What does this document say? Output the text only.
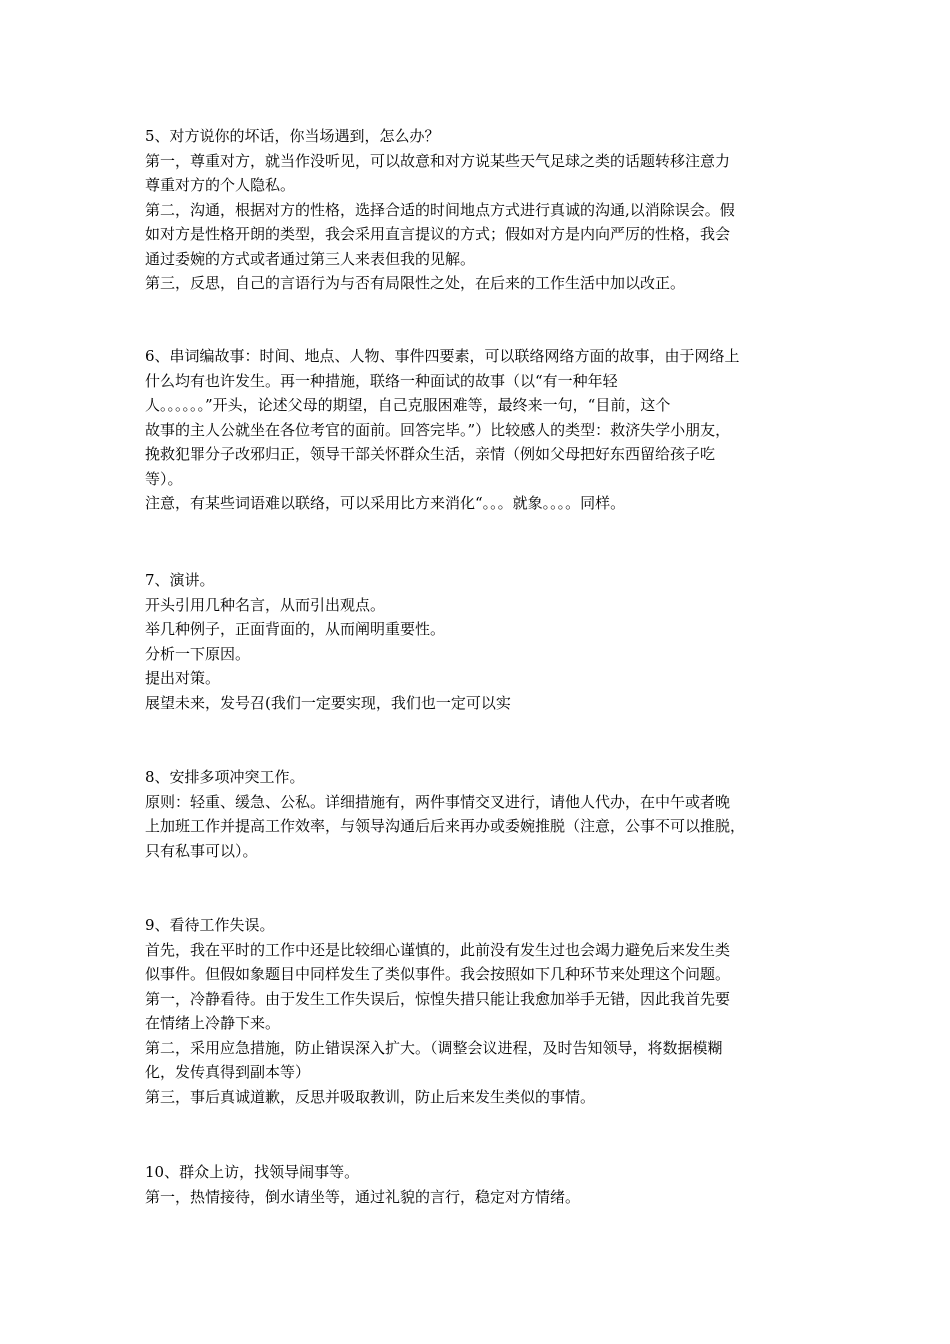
5、对方说你的坏话，你当场遇到，怎么办？
第一，尊重对方，就当作没听见，可以故意和对方说某些天气足球之类的话题转移注意力
尊重对方的个人隐私。
第二，沟通，根据对方的性格，选择合适的时间地点方式进行真诚的沟通,以消除误会。假
如对方是性格开朗的类型，我会采用直言提议的方式；假如对方是内向严厉的性格，我会
通过委婉的方式或者通过第三人来表但我的见解。
第三，反思，自己的言语行为与否有局限性之处，在后来的工作生活中加以改正。
6、串词编故事：时间、地点、人物、事件四要素，可以联络网络方面的故事，由于网络上
什么均有也许发生。再一种措施，联络一种面试的故事（以“有一种年轻
人。。。。。。”开头，论述父母的期望，自己克服困难等，最终来一句，“目前，这个
故事的主人公就坐在各位考官的面前。回答完毕。”）比较感人的类型：救济失学小朋友，
挽救犯罪分子改邪归正，领导干部关怀群众生活，亲情（例如父母把好东西留给孩子吃
等）。
注意，有某些词语难以联络，可以采用比方来消化“。。。就象。。。。同样。
7、演讲。
开头引用几种名言，从而引出观点。
举几种例子，正面背面的，从而阐明重要性。
分析一下原因。
提出对策。
展望未来，发号召(我们一定要实现，我们也一定可以实
8、安排多项冲突工作。
原则：轻重、缓急、公私。详细措施有，两件事情交叉进行，请他人代办，在中午或者晚
上加班工作并提高工作效率，与领导沟通后后来再办或委婉推脱（注意，公事不可以推脱，
只有私事可以）。
9、看待工作失误。
首先，我在平时的工作中还是比较细心谨慎的，此前没有发生过也会竭力避免后来发生类
似事件。但假如象题目中同样发生了类似事件。我会按照如下几种环节来处理这个问题。
第一，冷静看待。由于发生工作失误后，惊惶失措只能让我愈加举手无错，因此我首先要
在情绪上冷静下来。
第二，采用应急措施，防止错误深入扩大。（调整会议进程，及时告知领导，将数据模糊
化，发传真得到副本等）
第三，事后真诚道歉，反思并吸取教训，防止后来发生类似的事情。
10、群众上访，找领导闹事等。
第一，热情接待，倒水请坐等，通过礼貌的言行，稳定对方情绪。
